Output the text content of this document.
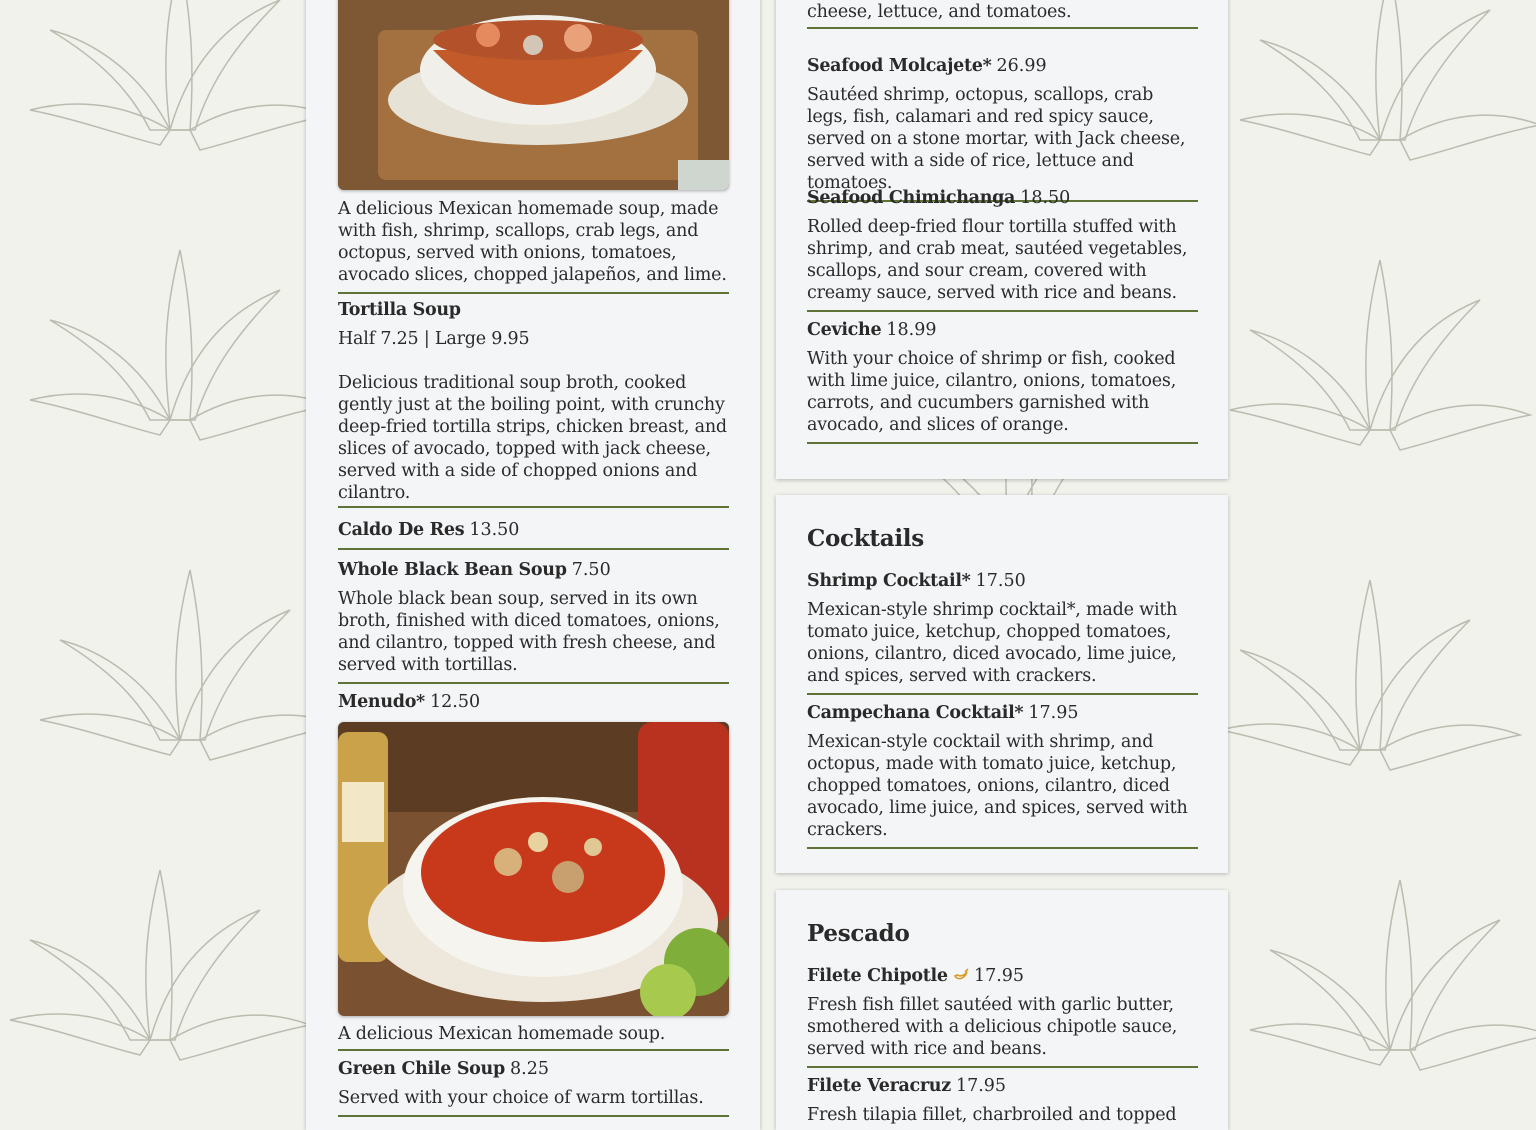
A delicious Mexican homemade soup, made with fish, shrimp, scallops, crab legs, and octopus, served with onions, tomatoes, avocado slices, chopped jalapeños, and lime.
Tortilla Soup
Half 7.25 | Large 9.95
Delicious traditional soup broth, cooked gently just at the boiling point, with crunchy deep-fried tortilla strips, chicken breast, and slices of avocado, topped with jack cheese, served with a side of chopped onions and cilantro.
Caldo De Res 13.50
Whole Black Bean Soup 7.50
Whole black bean soup, served in its own broth, finished with diced tomatoes, onions, and cilantro, topped with fresh cheese, and served with tortillas.
Menudo* 12.50
A delicious Mexican homemade soup.
Green Chile Soup 8.25
Served with your choice of warm tortillas.
cheese, lettuce, and tomatoes.
Seafood Molcajete* 26.99
Sautéed shrimp, octopus, scallops, crab legs, fish, calamari and red spicy sauce, served on a stone mortar, with Jack cheese, served with a side of rice, lettuce and tomatoes.
Seafood Chimichanga 18.50
Rolled deep-fried flour tortilla stuffed with shrimp, and crab meat, sautéed vegetables, scallops, and sour cream, covered with creamy sauce, served with rice and beans.
Ceviche 18.99
With your choice of shrimp or fish, cooked with lime juice, cilantro, onions, tomatoes, carrots, and cucumbers garnished with avocado, and slices of orange.
Cocktails
Shrimp Cocktail* 17.50
Mexican-style shrimp cocktail*, made with tomato juice, ketchup, chopped tomatoes, onions, cilantro, diced avocado, lime juice, and spices, served with crackers.
Campechana Cocktail* 17.95
Mexican-style cocktail with shrimp, and octopus, made with tomato juice, ketchup, chopped tomatoes, onions, cilantro, diced avocado, lime juice, and spices, served with crackers.
Pescado
Filete Chipotle 17.95
Fresh fish fillet sautéed with garlic butter, smothered with a delicious chipotle sauce, served with rice and beans.
Filete Veracruz 17.95
Fresh tilapia fillet, charbroiled and topped
